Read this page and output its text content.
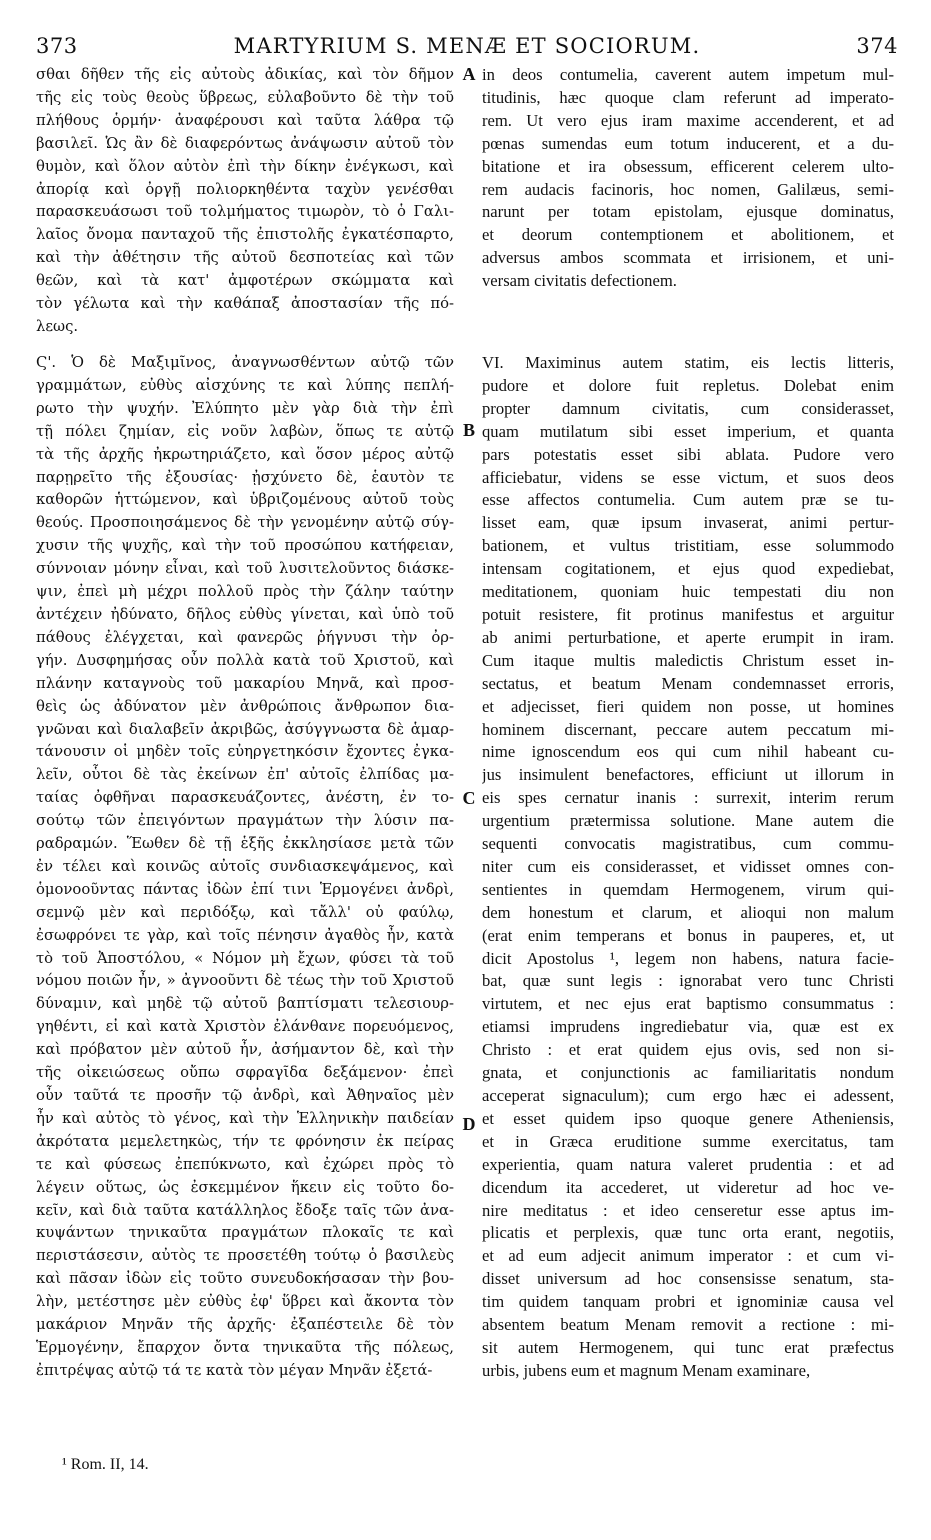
373	MARTYRIUM S. MENÆ ET SOCIORUM.	374
σθαι δῆθεν τῆς εἰς αὐτοὺς ἀδικίας, καὶ τὸν δῆμον
τῆς εἰς τοὺς θεοὺς ὕβρεως, εὐλαβοῦντο δὲ τὴν τοῦ
πλήθους ὁρμήν· ἀναφέρουσι καὶ ταῦτα λάθρα τῷ
βασιλεῖ. Ὡς ἂν δὲ διαφερόντως ἀνάψωσιν αὐτοῦ τὸν
θυμὸν, καὶ ὅλον αὐτὸν ἐπὶ τὴν δίκην ἐνέγκωσι, καὶ
ἀπορίᾳ καὶ ὀργῇ πολιορκηθέντα ταχὺν γενέσθαι
παρασκευάσωσι τοῦ τολμήματος τιμωρὸν, τὸ ὁ Γαλι-
λαῖος ὄνομα πανταχοῦ τῆς ἐπιστολῆς ἐγκατέσπαρτο,
καὶ τὴν ἀθέτησιν τῆς αὐτοῦ δεσποτείας καὶ τῶν
θεῶν, καὶ τὰ κατ' ἀμφοτέρων σκώμματα καὶ
τὸν γέλωτα καὶ τὴν καθάπαξ ἀποστασίαν τῆς πό-
λεως.
Ϛ'. Ὁ δὲ Μαξιμῖνος, ἀναγνωσθέντων αὐτῷ τῶν
γραμμάτων, εὐθὺς αἰσχύνης τε καὶ λύπης πεπλή-
ρωτο τὴν ψυχήν. Ἐλύπητο μὲν γὰρ διὰ τὴν ἐπὶ
τῇ πόλει ζημίαν, εἰς νοῦν λαβὼν, ὅπως τε αὐτῷ
τὰ τῆς ἀρχῆς ἠκρωτηριάζετο, καὶ ὅσον μέρος αὐτῷ
παρῃρεῖτο τῆς ἐξουσίας· ᾐσχύνετο δὲ, ἑαυτὸν τε
καθορῶν ἡττώμενον, καὶ ὑβριζομένους αὐτοῦ τοὺς
θεούς. Προσποιησάμενος δὲ τὴν γενομένην αὐτῷ σύγ-
χυσιν τῆς ψυχῆς, καὶ τὴν τοῦ προσώπου κατήφειαν,
σύννοιαν μόνην εἶναι, καὶ τοῦ λυσιτελοῦντος διάσκε-
ψιν, ἐπεὶ μὴ μέχρι πολλοῦ πρὸς τὴν ζάλην ταύτην
ἀντέχειν ἠδύνατο, δῆλος εὐθὺς γίνεται, καὶ ὑπὸ τοῦ
πάθους ἐλέγχεται, καὶ φανερῶς ῥήγνυσι τὴν ὀρ-
γήν. Δυσφημήσας οὖν πολλὰ κατὰ τοῦ Χριστοῦ, καὶ
πλάνην καταγνοὺς τοῦ μακαρίου Μηνᾶ, καὶ προσ-
θεὶς ὡς ἀδύνατον μὲν ἀνθρώποις ἄνθρωπον δια-
γνῶναι καὶ διαλαβεῖν ἀκριβῶς, ἀσύγγνωστα δὲ ἁμαρ-
τάνουσιν οἱ μηδὲν τοῖς εὐηργετηκόσιν ἔχοντες ἐγκα-
λεῖν, οὗτοι δὲ τὰς ἐκείνων ἐπ' αὐτοῖς ἐλπίδας μα-
ταίας ὀφθῆναι παρασκευάζοντες, ἀνέστη, ἐν το-
σούτῳ τῶν ἐπειγόντων πραγμάτων τὴν λύσιν πα-
ραδραμών. Ἕωθεν δὲ τῇ ἑξῆς ἐκκλησίασε μετὰ τῶν
ἐν τέλει καὶ κοινῶς αὐτοῖς συνδιασκεψάμενος, καὶ
ὁμονοοῦντας πάντας ἰδὼν ἐπί τινι Ἑρμογένει ἀνδρὶ,
σεμνῷ μὲν καὶ περιδόξῳ, καὶ τἄλλ' οὐ φαύλῳ,
ἐσωφρόνει τε γὰρ, καὶ τοῖς πένησιν ἀγαθὸς ἦν, κατὰ
τὸ τοῦ Ἀποστόλου, « Νόμον μὴ ἔχων, φύσει τὰ τοῦ
νόμου ποιῶν ἦν, » ἀγνοοῦντι δὲ τέως τὴν τοῦ Χριστοῦ
δύναμιν, καὶ μηδὲ τῷ αὐτοῦ βαπτίσματι τελεσιουρ-
γηθέντι, εἰ καὶ κατὰ Χριστὸν ἐλάνθανε πορευόμενος,
καὶ πρόβατον μὲν αὐτοῦ ἦν, ἀσήμαντον δὲ, καὶ τὴν
τῆς οἰκειώσεως οὔπω σφραγῖδα δεξάμενον· ἐπεὶ
οὖν ταῦτά τε προσῆν τῷ ἀνδρὶ, καὶ Ἀθηναῖος μὲν
ἦν καὶ αὐτὸς τὸ γένος, καὶ τὴν Ἑλληνικὴν παιδείαν
ἀκρότατα μεμελετηκὼς, τήν τε φρόνησιν ἐκ πείρας
τε καὶ φύσεως ἐπεπύκνωτο, καὶ ἐχώρει πρὸς τὸ
λέγειν οὕτως, ὡς ἐσκεμμένον ἥκειν εἰς τοῦτο δο-
κεῖν, καὶ διὰ ταῦτα κατάλληλος ἔδοξε ταῖς τῶν ἀνα-
κυψάντων τηνικαῦτα πραγμάτων πλοκαῖς τε καὶ
περιστάσεσιν, αὐτὸς τε προσετέθη τούτῳ ὁ βασιλεὺς
καὶ πᾶσαν ἰδὼν εἰς τοῦτο συνευδοκήσασαν τὴν βου-
λὴν, μετέστησε μὲν εὐθὺς ἐφ' ὕβρει καὶ ἄκοντα τὸν
μακάριον Μηνᾶν τῆς ἀρχῆς· ἐξαπέστειλε δὲ τὸν
Ἑρμογένην, ἔπαρχον ὄντα τηνικαῦτα τῆς πόλεως,
ἐπιτρέψας αὐτῷ τά τε κατὰ τὸν μέγαν Μηνᾶν ἐξετά-
in deos contumelia, caverent autem impetum mul-
titudinis, hæc quoque clam referunt ad imperato-
rem. Ut vero ejus iram maxime accenderent, et ad
pœnas sumendas eum totum inducerent, et a du-
bitatione et ira obsessum, efficerent celerem ulto-
rem audacis facinoris, hoc nomen, Galilæus, semi-
narunt per totam epistolam, ejusque dominatus,
et deorum contemptionem et abolitionem, et
adversus ambos scommata et irrisionem, et uni-
versam civitatis defectionem.
VI. Maximinus autem statim, eis lectis litteris,
pudore et dolore fuit repletus. Dolebat enim
propter damnum civitatis, cum considerasset,
quam mutilatum sibi esset imperium, et quanta
pars potestatis esset sibi ablata. Pudore vero
afficiebatur, videns se esse victum, et suos deos
esse affectos contumelia. Cum autem præ se tu-
lisset eam, quæ ipsum invaserat, animi pertur-
bationem, et vultus tristitiam, esse solummodo
intensam cogitationem, et ejus quod expediebat,
meditationem, quoniam huic tempestati diu non
potuit resistere, fit protinus manifestus et arguitur
ab animi perturbatione, et aperte erumpit in iram.
Cum itaque multis maledictis Christum esset in-
sectatus, et beatum Menam condemnasset erroris,
et adjecisset, fieri quidem non posse, ut homines
hominem discernant, peccare autem peccatum mi-
nime ignoscendum eos qui cum nihil habeant cu-
jus insimulent benefactores, efficiunt ut illorum in
eis spes cernatur inanis : surrexit, interim rerum
urgentium prætermissa solutione. Mane autem die
sequenti convocatis magistratibus, cum commu-
niter cum eis considerasset, et vidisset omnes con-
sentientes in quemdam Hermogenem, virum qui-
dem honestum et clarum, et alioqui non malum
(erat enim temperans et bonus in pauperes, et, ut
dicit Apostolus ¹, legem non habens, natura facie-
bat, quæ sunt legis : ignorabat vero tunc Christi
virtutem, et nec ejus erat baptismo consummatus :
etiamsi imprudens ingrediebatur via, quæ est ex
Christo : et erat quidem ejus ovis, sed non si-
gnata, et conjunctionis ac familiaritatis nondum
acceperat signaculum); cum ergo hæc ei adessent,
et esset quidem ipso quoque genere Atheniensis,
et in Græca eruditione summe exercitatus, tam
experientia, quam natura valeret prudentia : et ad
dicendum ita accederet, ut videretur ad hoc ve-
nire meditatus : et ideo censeretur esse aptus im-
plicatis et perplexis, quæ tunc orta erant, negotiis,
et ad eum adjecit animum imperator : et cum vi-
disset universum ad hoc consensisse senatum, sta-
tim quidem tanquam probri et ignominiæ causa vel
absentem beatum Menam removit a rectione : mi-
sit autem Hermogenem, qui tunc erat præfectus
urbis, jubens eum et magnum Menam examinare,
A
B
C
D
¹ Rom. II, 14.
